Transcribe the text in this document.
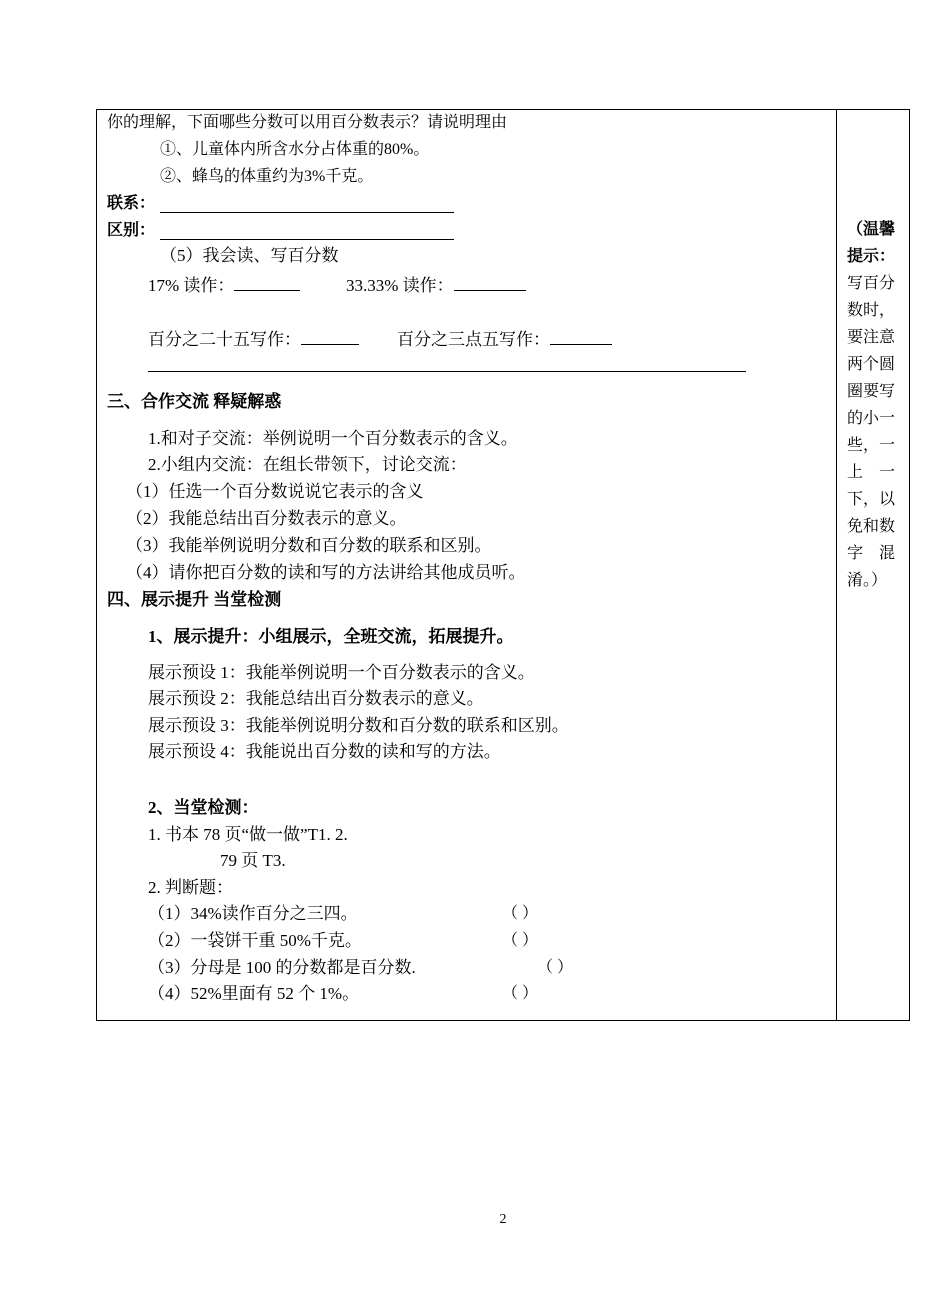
你的理解，下面哪些分数可以用百分数表示？请说明理由
①、儿童体内所含水分占体重的80%。
②、蜂鸟的体重约为3%千克。
联系：
区别：
（5）我会读、写百分数
17% 读作：	33.33% 读作：
百分之二十五写作：	百分之三点五写作：
三、合作交流 释疑解惑
1.和对子交流：举例说明一个百分数表示的含义。
2.小组内交流：在组长带领下，讨论交流：
（1）任选一个百分数说说它表示的含义
（2）我能总结出百分数表示的意义。
（3）我能举例说明分数和百分数的联系和区别。
（4）请你把百分数的读和写的方法讲给其他成员听。
四、展示提升 当堂检测
1、展示提升：小组展示，全班交流，拓展提升。
展示预设 1：我能举例说明一个百分数表示的含义。
展示预设 2：我能总结出百分数表示的意义。
展示预设 3：我能举例说明分数和百分数的联系和区别。
展示预设 4：我能说出百分数的读和写的方法。
2、当堂检测：
1. 书本 78 页“做一做”T1. 2.
79 页 T3.
2. 判断题：
（1）34%读作百分之三四。	（ ）
（2）一袋饼干重 50%千克。	（ ）
（3）分母是 100 的分数都是百分数.	（ ）
（4）52%里面有 52 个 1%。	（ ）
（温馨
提示：
写百分
数时，
要注意
两个圆
圈要写
的小一
些，一
上    一
下，以
免和数
字    混
淆。）
2
